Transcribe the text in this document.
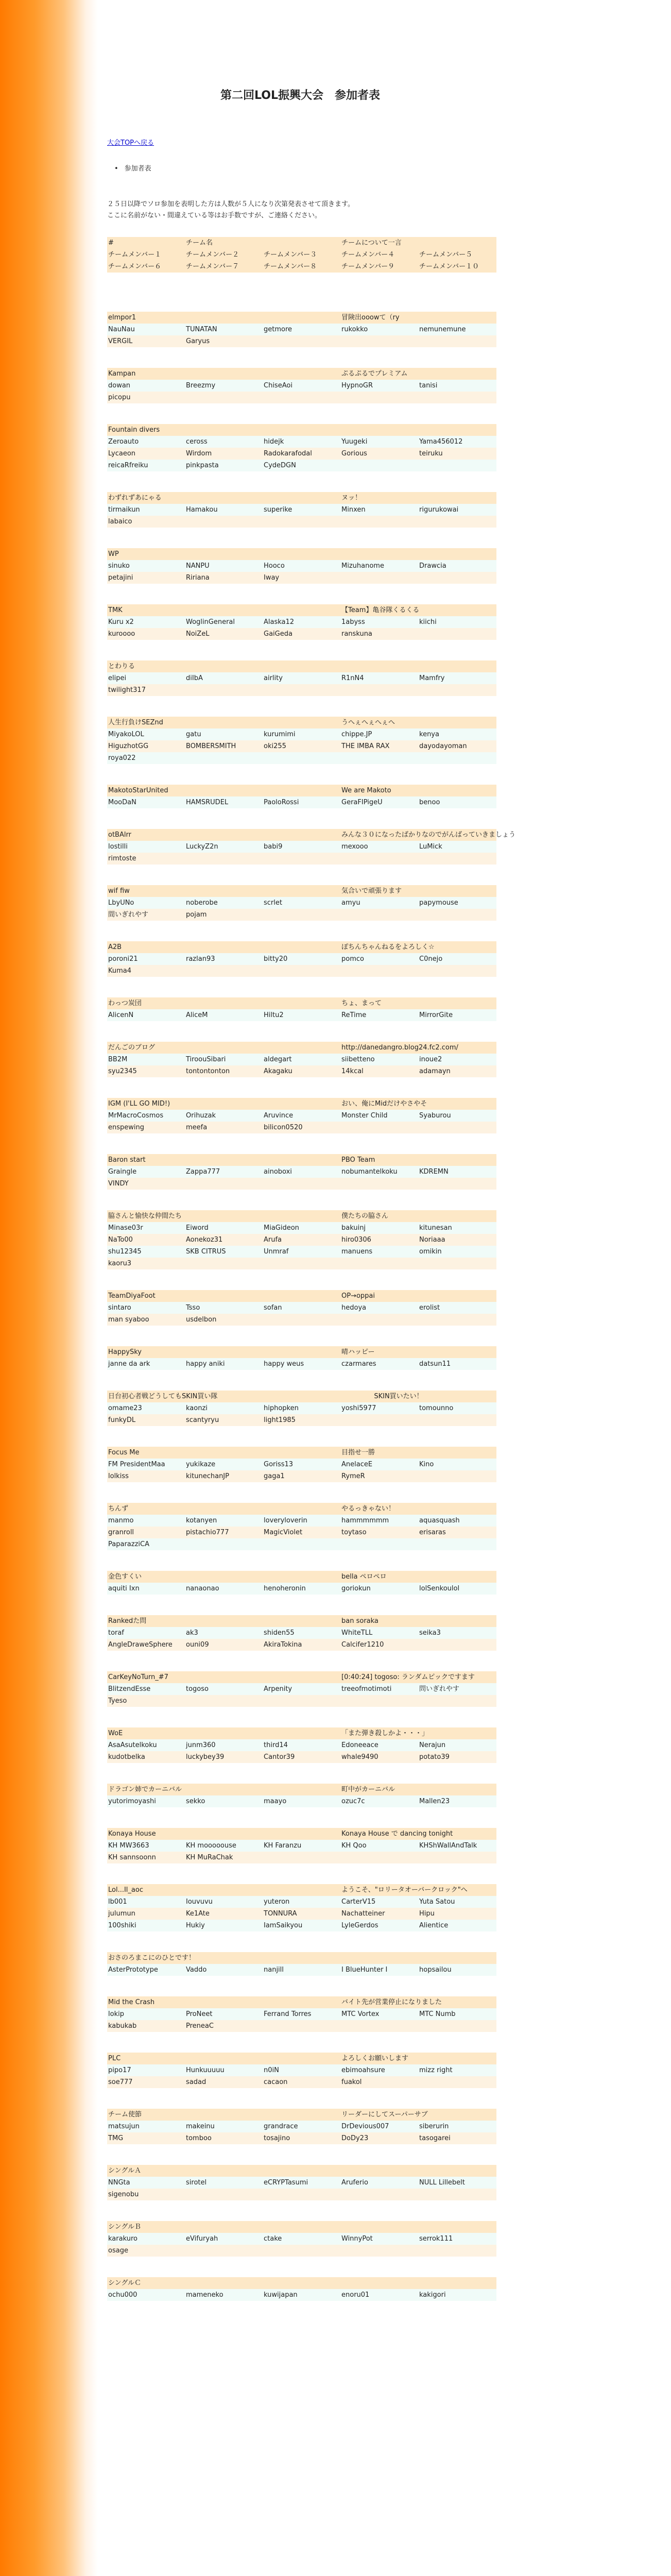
第二回LOL振興大会　参加者表
大会TOPへ戻る
• 参加者表
２５日以降でソロ参加を表明した方は人数が５人になり次第発表させて頂きます。
ここに名前がない・間違えている等はお手数ですが、ご連絡ください。
#	チーム名	チームについて一言
チームメンバー１	チームメンバー２	チームメンバー３	チームメンバー４	チームメンバー５
チームメンバー６	チームメンバー７	チームメンバー８	チームメンバー９	チームメンバー１０
elmpor1	冒険出ooowて（ry
NauNau	TUNATAN	getmore	rukokko	nemunemune
VERGIL	Garyus
Kampan	ぷるぷるでプレミアム
dowan	Breezmy	ChiseAoi	HypnoGR	tanisi
picopu
Fountain divers
Zeroauto	ceross	hidejk	Yuugeki	Yama456012
Lycaeon	Wirdom	Radokarafodal	Gorious	teiruku
reicaRfreiku	pinkpasta	CydeDGN
わずれずあにゃる	ヌッ！
tirmaikun	Hamakou	superike	Minxen	rigurukowai
labaico
WP
sinuko	NANPU	Hooco	Mizuhanome	Drawcia
petajini	Ririana	Iway
TMK	【Team】亀谷隊くるくる
Kuru x2	WoglinGeneral	Alaska12	1abyss	kiichi
kuroooo	NoiZeL	GaiGeda	ranskuna
とわりる
elipei	diIbA	airlity	R1nN4	Mamfry
twilight317
人生行負けSEZnd	うへぇへぇへぇへ
MiyakoLOL	gatu	kurumimi	chippe.JP	kenya
HiguzhotGG	BOMBERSMITH	oki255	THE IMBA RAX	dayodayoman
roya022
MakotoStarUnited	We are Makoto
MooDaN	HAMSRUDEL	PaoloRossi	GeraFIPigeU	benoo
otBAlrr	みんな３０になったばかりなのでがんばっていきましょう
lostilli	LuckyZ2n	babi9	mexooo	LuMick
rimtoste
wif fiw	気合いで頑張ります
LbyUNo	noberobe	scrlet	amyu	papymouse
間いぎれやす	pojam
A2B	ぽちんちゃんねるをよろしく☆
poroni21	razlan93	bitty20	pomco	C0nejo
Kuma4
わっつ炭団	ちょ、まって
AlicenN	AliceM	Hiltu2	ReTime	MirrorGite
だんごのブログ	http://danedangro.blog24.fc2.com/
BB2M	TiroouSibari	aldegart	siibetteno	inoue2
syu2345	tontontonton	Akagaku	14kcal	adamayn
IGM (I'LL GO MID!)	おい、俺にMidだけやさやそ
MrMacroCosmos	Orihuzak	Aruvince	Monster Child	Syaburou
enspewing	meefa	bilicon0520
Baron start	PBO Team
Graingle	Zappa777	ainoboxi	nobumantelkoku	KDREMN
VINDY
脇さんと愉快な仲間たち	僕たちの脇さん
Minase03r	Eiword	MiaGideon	bakuinj	kitunesan
NaTo00	Aonekoz31	Arufa	hiro0306	Noriaaa
shu12345	SKB CITRUS	Unmraf	manuens	omikin
kaoru3
TeamDiyaFoot	OP→oppai
sintaro	Tsso	sofan	hedoya	erolist
man syaboo	usdelbon
HappySky	晴ハッピー
janne da ark	happy aniki	happy weus	czarmares	datsun11
日台初心者戦どうしてもSKIN買い隊	SKIN買いたい！
omame23	kaonzi	hiphopken	yoshi5977	tomounno
funkyDL	scantyryu	light1985
Focus Me	目指せ一勝
FM PresidentMaa	yukikaze	Goriss13	AnelaceE	Kino
lolkiss	kitunechanJP	gaga1	RymeR
ちんず	やるっきゃない！
manmo	kotanyen	loveryloverin	hammmmmm	aquasquash
granroll	pistachio777	MagicViolet	toytaso	erisaras
PaparazziCA
金色すくい	bella ペロペロ
aquiti Ixn	nanaonao	henoheronin	goriokun	lolSenkoulol
Rankedた問	ban soraka
toraf	ak3	shiden55	WhiteTLL	seika3
AngleDraweSphere	ouni09	AkiraTokina	Calcifer1210
CarKeyNoTurn_#7	[0:40:24] togoso: ランダムピックですます
BlitzendEsse	togoso	Arpenity	treeofmotimoti	問いぎれやす
Tyeso
WoE	「また弾き殺しかよ・・・」
AsaAsutelkoku	junm360	third14	Edoneeace	Nerajun
kudotbelka	luckybey39	Cantor39	whale9490	potato39
ドラゴン姉でカーニバル	町中がカーニバル
yutorimoyashi	sekko	maayo	ozuc7c	Mallen23
Konaya House	Konaya House で dancing tonight
KH MW3663	KH mooooouse	KH Faranzu	KH Qoo	KHShWallAndTalk
KH sannsoonn	KH MuRaChak
Lol...Il_aoc	ようこそ、"ロリータオーバークロック"へ
lb001	Iouvuvu	yuteron	CarterV15	Yuta Satou
julumun	Ke1Ate	TONNURA	Nachatteiner	Hipu
100shiki	Hukiy	IamSaikyou	LyleGerdos	Alientice
おさのろまこにのひとです！
AsterPrototype	Vaddo	nanjill	I BlueHunter I	hopsailou
Mid the Crash	バイト先が営業停止になりました
lokip	ProNeet	Ferrand Torres	MTC Vortex	MTC Numb
kabukab	PreneaC
PLC	よろしくお願いします
pipo17	Hunkuuuuu	n0iN	ebimoahsure	mizz right
soe777	sadad	cacaon	fuakol
チーム使節	リーダーにしてスーパーサブ
matsujun	makeinu	grandrace	DrDevious007	siberurin
TMG	tomboo	tosajino	DoDy23	tasogarei
シングルＡ
NNGta	sirotel	eCRYPTasumi	Aruferio	NULL Lillebelt
sigenobu
シングルＢ
karakuro	eVifuryah	ctake	WinnyPot	serrok111
osage
シングルＣ
ochu000	mameneko	kuwijapan	enoru01	kakigori
